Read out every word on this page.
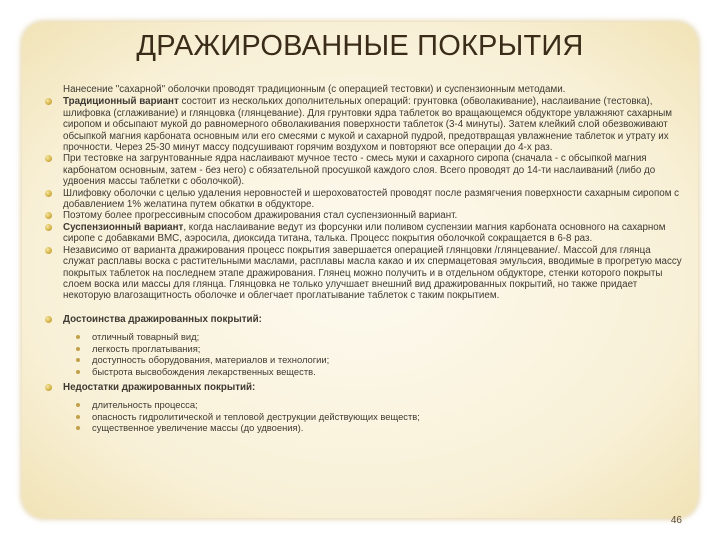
ДРАЖИРОВАННЫЕ ПОКРЫТИЯ
Нанесение "сахарной" оболочки проводят традиционным (с операцией тестовки) и суспензионным методами.
Традиционный вариант состоит из нескольких дополнительных операций: грунтовка (обволакивание), наслаивание (тестовка), шлифовка (сглаживание) и глянцовка (глянцевание). Для грунтовки ядра таблеток во вращающемся обдукторе увлажняют сахарным сиропом и обсыпают мукой до равномерного обволакивания поверхности таблеток (3-4 минуты). Затем клейкий слой обезвоживают обсыпкой магния карбоната основным или его смесями с мукой и сахарной пудрой, предотвращая увлажнение таблеток и утрату их прочности. Через 25-30 минут массу подсушивают горячим воздухом и повторяют все операции до 4-х раз.
При тестовке на загрунтованные ядра наслаивают мучное тесто - смесь муки и сахарного сиропа (сначала - с обсыпкой магния карбонатом основным, затем - без него) с обязательной просушкой каждого слоя. Всего проводят до 14-ти наслаиваний (либо до удвоения массы таблетки с оболочкой).
Шлифовку оболочки с целью удаления неровностей и шероховатостей проводят после размягчения поверхности сахарным сиропом с добавлением 1% желатина путем обкатки в обдукторе.
Поэтому более прогрессивным способом дражирования стал суспензионный вариант.
Суспензионный вариант, когда наслаивание ведут из форсунки или поливом суспензии магния карбоната основного на сахарном сиропе с добавками ВМС, аэросила, диоксида титана, талька. Процесс покрытия оболочкой сокращается в 6-8 раз.
Независимо от варианта дражирования процесс покрытия завершается операцией глянцовки /глянцевание/. Массой для глянца служат расплавы воска с растительными маслами, расплавы масла какао и их спермацетовая эмульсия, вводимые в прогретую массу покрытых таблеток на последнем этапе дражирования. Глянец можно получить и в отдельном обдукторе, стенки которого покрыты слоем воска или массы для глянца. Глянцовка не только улучшает внешний вид дражированных покрытий, но также придает некоторую влагозащитность оболочке и облегчает проглатывание таблеток с таким покрытием.
Достоинства дражированных покрытий:
отличный товарный вид;
легкость проглатывания;
доступность оборудования, материалов и технологии;
быстрота высвобождения лекарственных веществ.
Недостатки дражированных покрытий:
длительность процесса;
опасность гидролитической и тепловой деструкции действующих веществ;
существенное увеличение массы (до удвоения).
46
